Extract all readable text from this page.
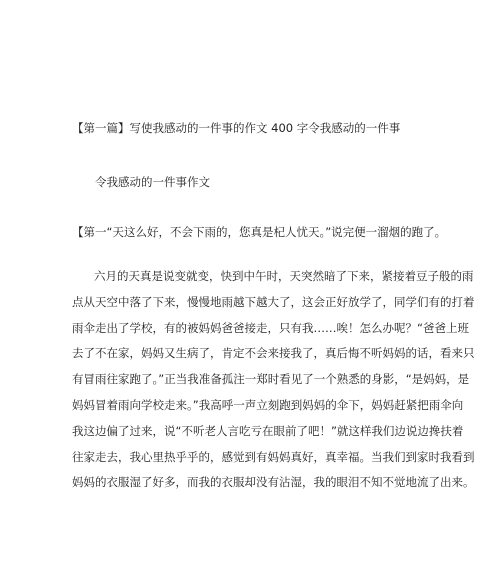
【第一篇】写使我感动的一件事的作文 400 字令我感动的一件事
令我感动的一件事作文
【第一“天这么好，不会下雨的，您真是杞人忧天。”说完便一溜烟的跑了。
六月的天真是说变就变，快到中午时，天突然暗了下来，紧接着豆子般的雨
点从天空中落了下来，慢慢地雨越下越大了，这会正好放学了，同学们有的打着
雨伞走出了学校，有的被妈妈爸爸接走，只有我……唉！怎么办呢？“爸爸上班
去了不在家，妈妈又生病了，肯定不会来接我了，真后悔不听妈妈的话，看来只
有冒雨往家跑了。”正当我准备孤注一郑时看见了一个熟悉的身影，“是妈妈，是
妈妈冒着雨向学校走来。”我高呼一声立刻跑到妈妈的伞下，妈妈赶紧把雨伞向
我这边偏了过来，说“不听老人言吃亏在眼前了吧！”就这样我们边说边搀扶着
往家走去，我心里热乎乎的，感觉到有妈妈真好，真幸福。当我们到家时我看到
妈妈的衣服湿了好多，而我的衣服却没有沾湿，我的眼泪不知不觉地流了出来。
